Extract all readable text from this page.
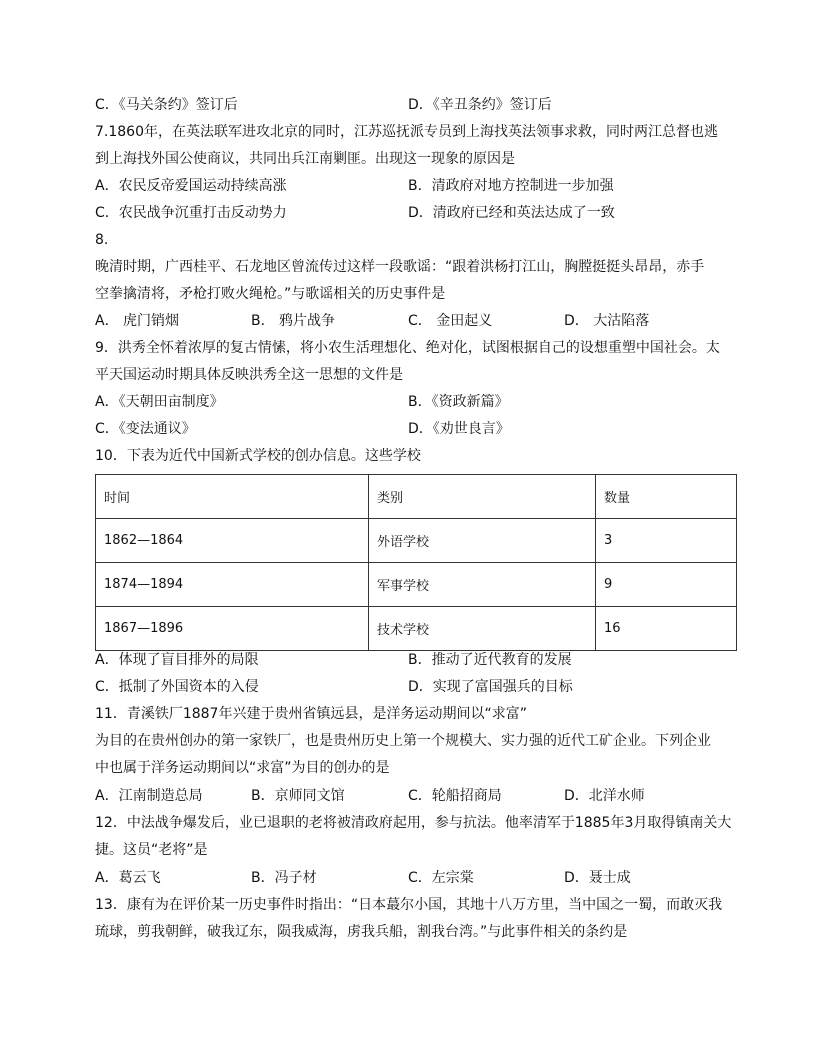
C．《马关条约》签订后	D．《辛丑条约》签订后
7.1860年，在英法联军进攻北京的同时，江苏巡抚派专员到上海找英法领事求救，同时两江总督也逃
到上海找外国公使商议，共同出兵江南剿匪。出现这一现象的原因是
A．农民反帝爱国运动持续高涨	B．清政府对地方控制进一步加强
C．农民战争沉重打击反动势力	D．清政府已经和英法达成了一致
8.
晚清时期，广西桂平、石龙地区曾流传过这样一段歌谣：“跟着洪杨打江山，胸膛挺挺头昂昂，赤手
空拳擒清将，矛枪打败火绳枪。”与歌谣相关的历史事件是
A． 虎门销烟	B． 鸦片战争	C． 金田起义	D． 大沽陷落
9．洪秀全怀着浓厚的复古情愫，将小农生活理想化、绝对化，试图根据自己的设想重塑中国社会。太
平天国运动时期具体反映洪秀全这一思想的文件是
A．《天朝田亩制度》	B．《资政新篇》
C．《变法通议》	D．《劝世良言》
10．下表为近代中国新式学校的创办信息。这些学校
时间	类别	数量
1862—1864	外语学校	3
1874—1894	军事学校	9
1867—1896	技术学校	16
A．体现了盲目排外的局限	B．推动了近代教育的发展
C．抵制了外国资本的入侵	D．实现了富国强兵的目标
11．青溪铁厂1887年兴建于贵州省镇远县，是洋务运动期间以“求富”
为目的在贵州创办的第一家铁厂，也是贵州历史上第一个规模大、实力强的近代工矿企业。下列企业
中也属于洋务运动期间以“求富”为目的创办的是
A．江南制造总局	B．京师同文馆	C．轮船招商局	D．北洋水师
12．中法战争爆发后，业已退职的老将被清政府起用，参与抗法。他率清军于1885年3月取得镇南关大
捷。这员“老将”是
A．葛云飞	B．冯子材	C．左宗棠	D．聂士成
13．康有为在评价某一历史事件时指出：“日本蕞尔小国，其地十八万方里，当中国之一蜀，而敢灭我
琉球，剪我朝鲜，破我辽东，陨我威海，虏我兵船，割我台湾。”与此事件相关的条约是
